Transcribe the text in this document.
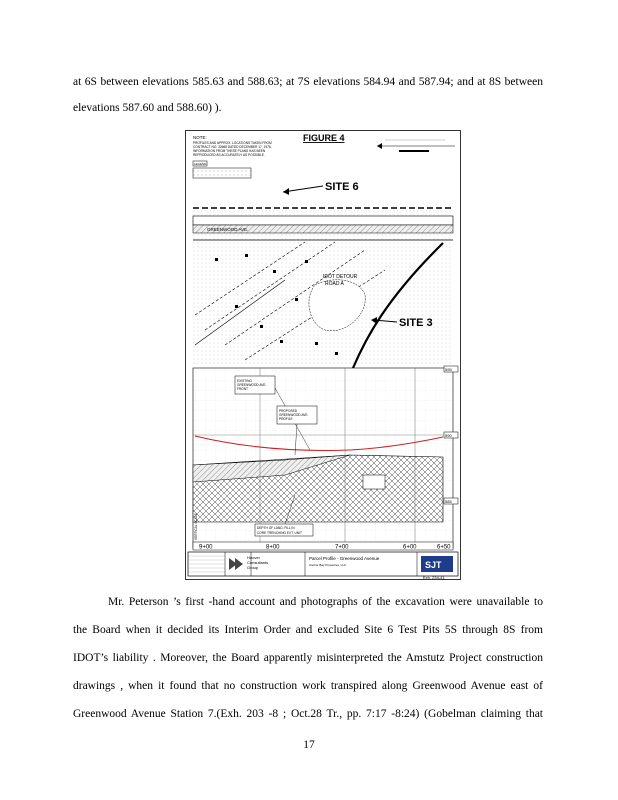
at 6S between elevations 585.63 and 588.63; at 7S elevations 584.94 and 587.94; and at 8S between
elevations 587.60 and 588.60) ).
NOTE:
PROFILES AND APPROX. LOCATIONS TAKEN FROM
CONTRACT NO. 32668 DATED DECEMBER 17, 1976.
INFORMATION FROM THESE PLANS HAS BEEN
REPRODUCED AS ACCURATELY AS POSSIBLE.
LEGEND
FIGURE 4
GREENWOOD AVE.
IDOT DETOUR
ROAD A
SITE 6
SITE 3
595
590
585
EXISTING
GREENWOOD AVE.
FRONT
PROPOSED
GREENWOOD AVE.
PROFILE
DEPTH OF LAND, FILL IN
CORE TRENCHING EXT. UNIT
VERTICAL SCALE
9+00	8+00	7+00	6+00	6+50
Hoover
Consultants
Group
Parcel Profile - Greenwood Avenue
Anchor Bay Properties, LLC	SJT
Exh. 234-41
Mr. Peterson ’s first -hand account and photographs of the excavation were unavailable to
the Board when it decided its Interim Order and excluded Site 6 Test Pits 5S through 8S from
IDOT’s liability . Moreover, the Board apparently misinterpreted the Amstutz Project construction
drawings , when it found that no construction work transpired along Greenwood Avenue east of
Greenwood Avenue Station 7.(Exh. 203 -8 ; Oct.28 Tr., pp. 7:17 -8:24) (Gobelman claiming that
17
